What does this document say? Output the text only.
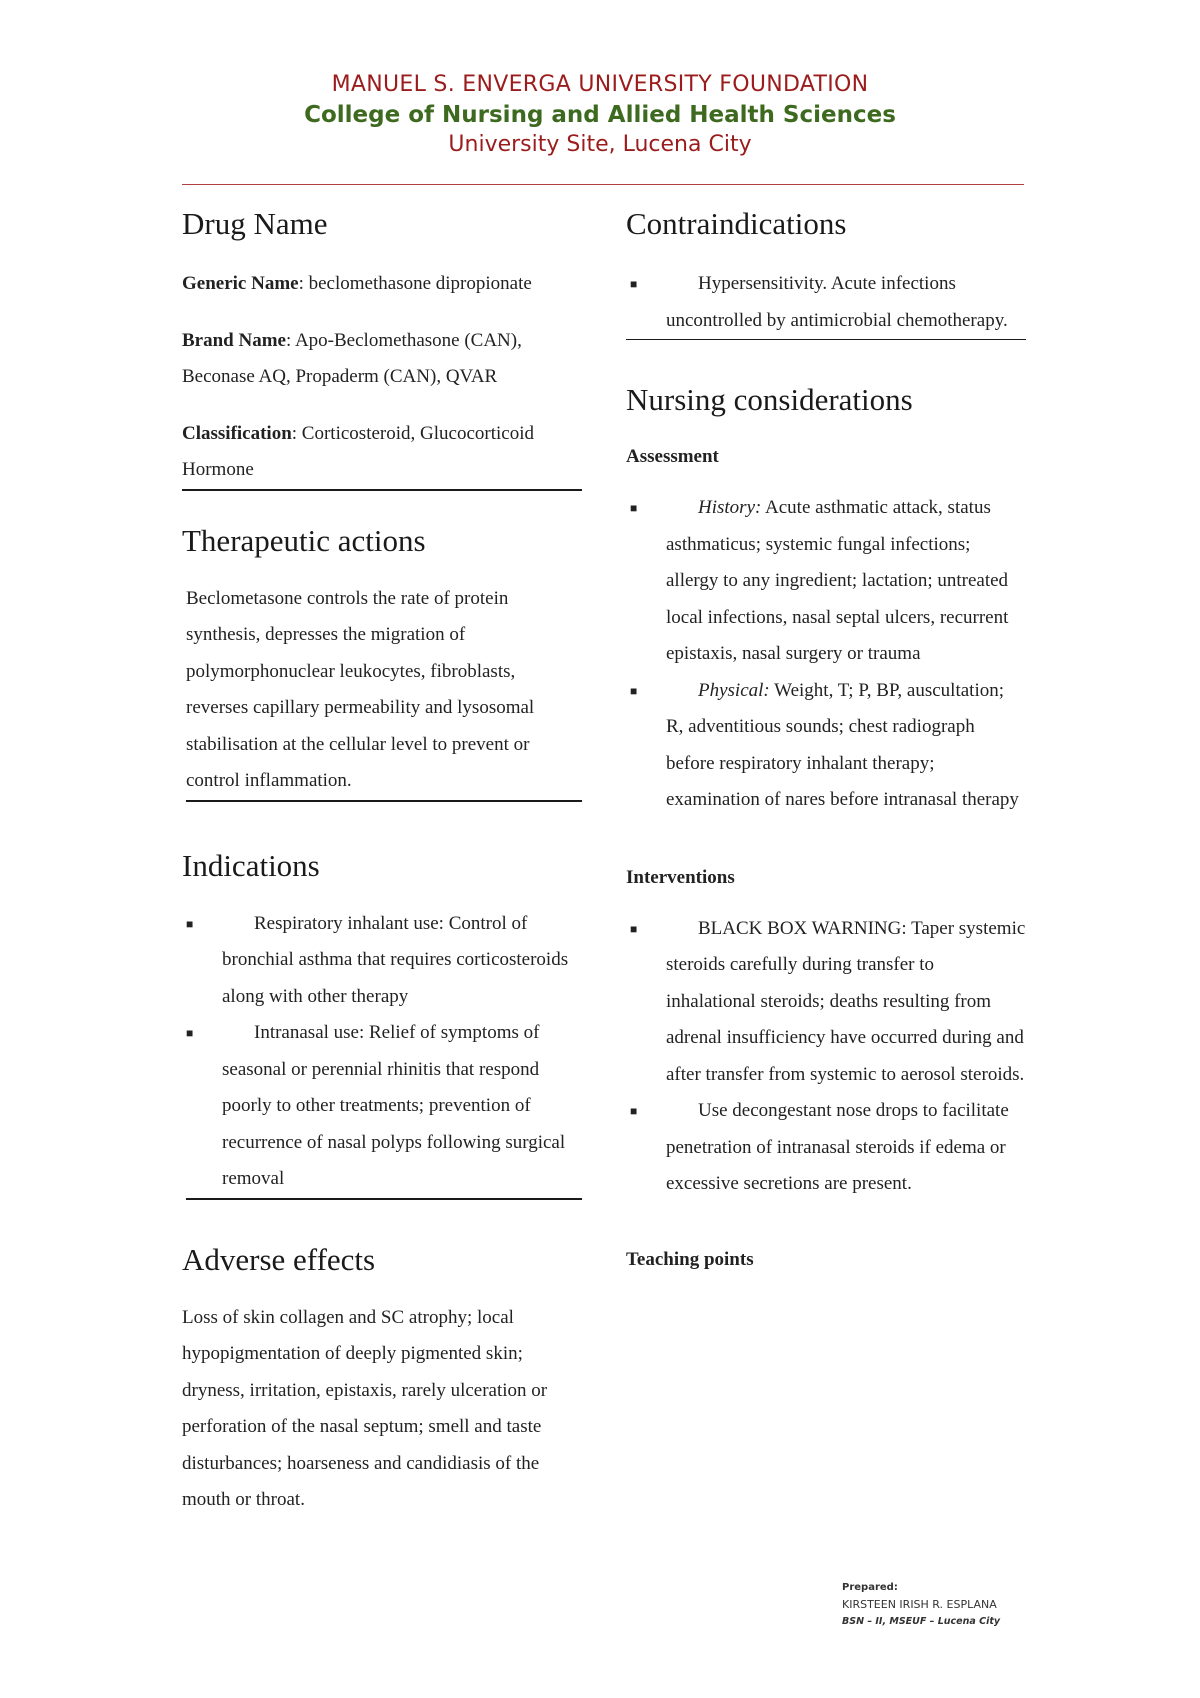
MANUEL S. ENVERGA UNIVERSITY FOUNDATION
College of Nursing and Allied Health Sciences
University Site, Lucena City
Drug Name

Generic Name: beclomethasone dipropionate

Brand Name: Apo-Beclomethasone (CAN), Beconase AQ, Propaderm (CAN), QVAR

Classification: Corticosteroid, Glucocorticoid Hormone

Therapeutic actions

Beclometasone controls the rate of protein synthesis, depresses the migration of polymorphonuclear leukocytes, fibroblasts, reverses capillary permeability and lysosomal stabilisation at the cellular level to prevent or control inflammation.

Indications
■	Respiratory inhalant use: Control of bronchial asthma that requires corticosteroids along with other therapy
■	Intranasal use: Relief of symptoms of seasonal or perennial rhinitis that respond poorly to other treatments; prevention of recurrence of nasal polyps following surgical removal
Adverse effects

Loss of skin collagen and SC atrophy; local hypopigmentation of deeply pigmented skin; dryness, irritation, epistaxis, rarely ulceration or perforation of the nasal septum; smell and taste disturbances; hoarseness and candidiasis of the mouth or throat.

Contraindications
■	Hypersensitivity. Acute infections uncontrolled by antimicrobial chemotherapy.
Nursing considerations

Assessment

■	History: Acute asthmatic attack, status asthmaticus; systemic fungal infections; allergy to any ingredient; lactation; untreated local infections, nasal septal ulcers, recurrent epistaxis, nasal surgery or trauma
■	Physical: Weight, T; P, BP, auscultation; R, adventitious sounds; chest radiograph before respiratory inhalant therapy; examination of nares before intranasal therapy

Interventions

■	BLACK BOX WARNING: Taper systemic steroids carefully during transfer to inhalational steroids; deaths resulting from adrenal insufficiency have occurred during and after transfer from systemic to aerosol steroids.
■	Use decongestant nose drops to facilitate penetration of intranasal steroids if edema or excessive secretions are present.

Teaching points

Prepared:
KIRSTEEN IRISH R. ESPLANA
BSN – II, MSEUF – Lucena City
